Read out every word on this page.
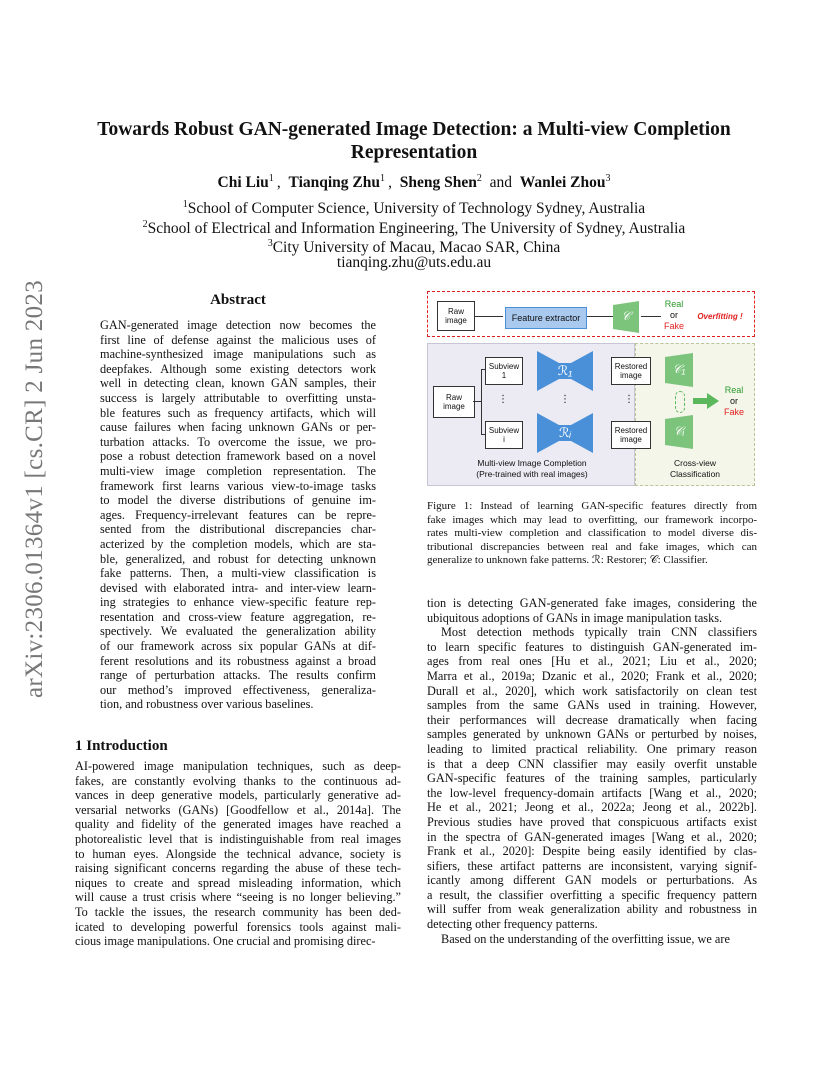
arXiv:2306.01364v1 [cs.CR] 2 Jun 2023
Towards Robust GAN-generated Image Detection: a Multi-view Completion
Representation
Chi Liu$^1$  , Tianqing Zhu$^1$  , Sheng Shen$^2$ and Wanlei Zhou$^3$
$^1$School of Computer Science, University of Technology Sydney, Australia
$^2$School of Electrical and Information Engineering, The University of Sydney, Australia
$^3$City University of Macau, Macao SAR, China
tianqing.zhu@uts.edu.au
Abstract
GAN-generated image detection now becomes the
first line of defense against the malicious uses of
machine-synthesized image manipulations such as
deepfakes. Although some existing detectors work
well in detecting clean, known GAN samples, their
success is largely attributable to overfitting unsta-
ble features such as frequency artifacts, which will
cause failures when facing unknown GANs or per-
turbation attacks. To overcome the issue, we pro-
pose a robust detection framework based on a novel
multi-view image completion representation. The
framework first learns various view-to-image tasks
to model the diverse distributions of genuine im-
ages. Frequency-irrelevant features can be repre-
sented from the distributional discrepancies char-
acterized by the completion models, which are sta-
ble, generalized, and robust for detecting unknown
fake patterns. Then, a multi-view classification is
devised with elaborated intra- and inter-view learn-
ing strategies to enhance view-specific feature rep-
resentation and cross-view feature aggregation, re-
spectively. We evaluated the generalization ability
of our framework across six popular GANs at dif-
ferent resolutions and its robustness against a broad
range of perturbation attacks. The results confirm
our method’s improved effectiveness, generaliza-
tion, and robustness over various baselines.
1 Introduction
AI-powered image manipulation techniques, such as deep-
fakes, are constantly evolving thanks to the continuous ad-
vances in deep generative models, particularly generative ad-
versarial networks (GANs) [Goodfellow et al., 2014a]. The
quality and fidelity of the generated images have reached a
photorealistic level that is indistinguishable from real images
to human eyes. Alongside the technical advance, society is
raising significant concerns regarding the abuse of these tech-
niques to create and spread misleading information, which
will cause a trust crisis where “seeing is no longer believing.”
To tackle the issues, the research community has been ded-
icated to developing powerful forensics tools against mali-
cious image manipulations. One crucial and promising direc-
Raw
image	Feature extractor	𝒞
Real
or
Fake
Overfitting !
Raw
image
Subview
1
Subview
i
⋮
ℛ₁
ℛᵢ
⋮
Restored
image
Restored
image
⋮
𝒞₁
𝒞ᵢ
Real
or
Fake
Multi-view Image Completion
(Pre-trained with real images)
Cross-view
Classification
Figure 1: Instead of learning GAN-specific features directly from
fake images which may lead to overfitting, our framework incorpo-
rates multi-view completion and classification to model diverse dis-
tributional discrepancies between real and fake images, which can
generalize to unknown fake patterns. ℛ: Restorer; 𝒞: Classifier.
tion is detecting GAN-generated fake images, considering the
ubiquitous adoptions of GANs in image manipulation tasks.
Most detection methods typically train CNN classifiers
to learn specific features to distinguish GAN-generated im-
ages from real ones [Hu et al., 2021; Liu et al., 2020;
Marra et al., 2019a; Dzanic et al., 2020; Frank et al., 2020;
Durall et al., 2020], which work satisfactorily on clean test
samples from the same GANs used in training. However,
their performances will decrease dramatically when facing
samples generated by unknown GANs or perturbed by noises,
leading to limited practical reliability. One primary reason
is that a deep CNN classifier may easily overfit unstable
GAN-specific features of the training samples, particularly
the low-level frequency-domain artifacts [Wang et al., 2020;
He et al., 2021; Jeong et al., 2022a; Jeong et al., 2022b].
Previous studies have proved that conspicuous artifacts exist
in the spectra of GAN-generated images [Wang et al., 2020;
Frank et al., 2020]: Despite being easily identified by clas-
sifiers, these artifact patterns are inconsistent, varying signif-
icantly among different GAN models or perturbations. As
a result, the classifier overfitting a specific frequency pattern
will suffer from weak generalization ability and robustness in
detecting other frequency patterns.
Based on the understanding of the overfitting issue, we are
